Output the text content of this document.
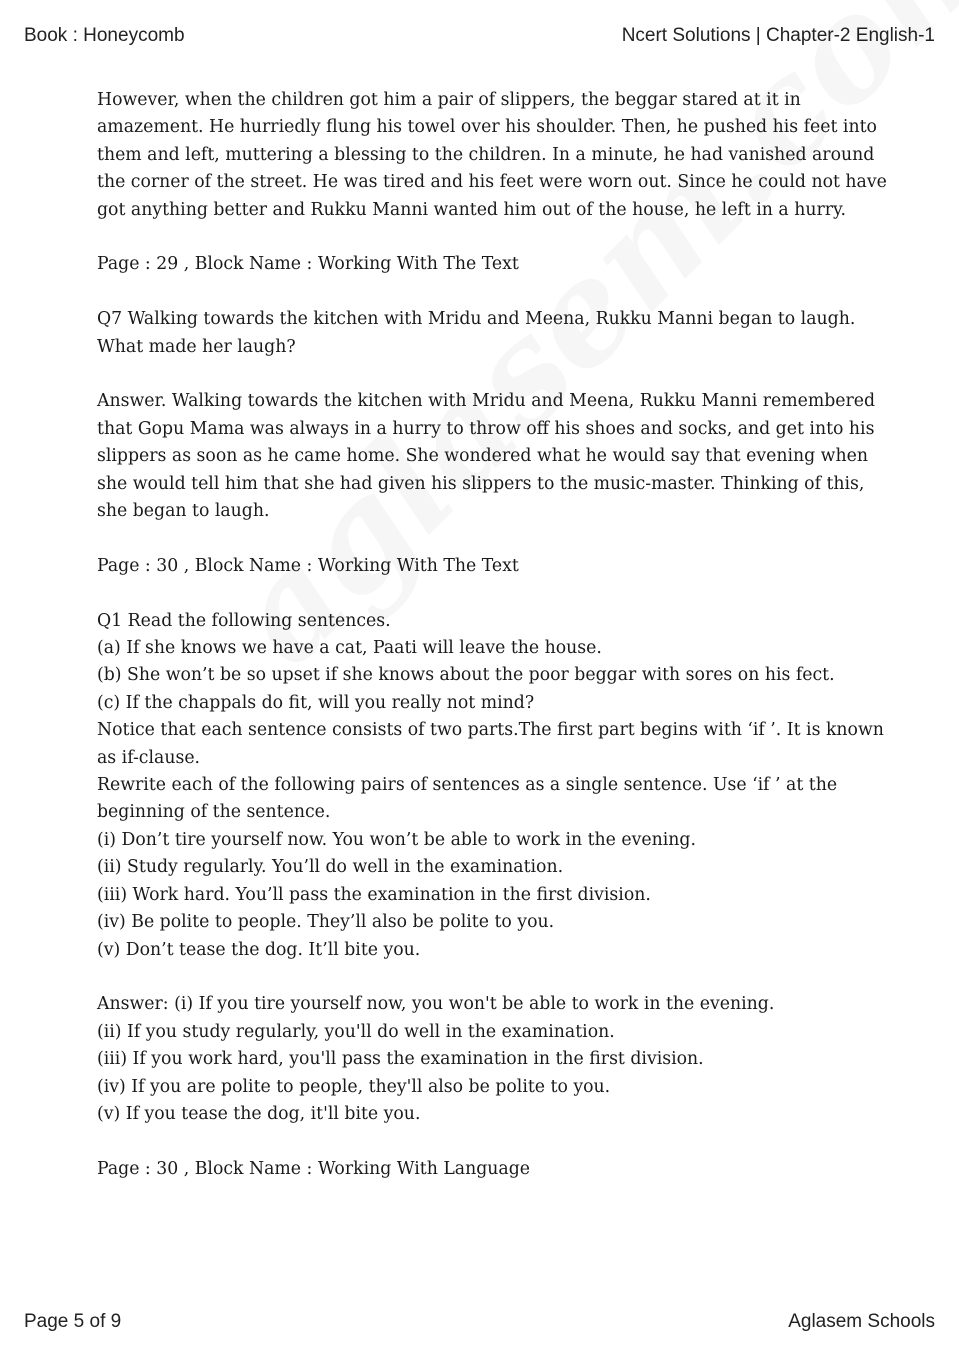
Book : Honeycomb	Ncert Solutions | Chapter-2 English-1
However, when the children got him a pair of slippers, the beggar stared at it in
amazement. He hurriedly flung his towel over his shoulder. Then, he pushed his feet into
them and left, muttering a blessing to the children. In a minute, he had vanished around
the corner of the street. He was tired and his feet were worn out. Since he could not have
got anything better and Rukku Manni wanted him out of the house, he left in a hurry.
Page : 29 , Block Name : Working With The Text
Q7 Walking towards the kitchen with Mridu and Meena, Rukku Manni began to laugh.
What made her laugh?
Answer. Walking towards the kitchen with Mridu and Meena, Rukku Manni remembered
that Gopu Mama was always in a hurry to throw off his shoes and socks, and get into his
slippers as soon as he came home. She wondered what he would say that evening when
she would tell him that she had given his slippers to the music-master. Thinking of this,
she began to laugh.
Page : 30 , Block Name : Working With The Text
Q1 Read the following sentences.
(a) If she knows we have a cat, Paati will leave the house.
(b) She won’t be so upset if she knows about the poor beggar with sores on his fect.
(c) If the chappals do fit, will you really not mind?
Notice that each sentence consists of two parts.The first part begins with ‘if ’. It is known
as if-clause.
Rewrite each of the following pairs of sentences as a single sentence. Use ‘if ’ at the
beginning of the sentence.
(i) Don’t tire yourself now. You won’t be able to work in the evening.
(ii) Study regularly. You’ll do well in the examination.
(iii) Work hard. You’ll pass the examination in the first division.
(iv) Be polite to people. They’ll also be polite to you.
(v) Don’t tease the dog. It’ll bite you.
Answer: (i) If you tire yourself now, you won't be able to work in the evening.
(ii) If you study regularly, you'll do well in the examination.
(iii) If you work hard, you'll pass the examination in the first division.
(iv) If you are polite to people, they'll also be polite to you.
(v) If you tease the dog, it'll bite you.
Page : 30 , Block Name : Working With Language
Page 5 of 9	Aglasem Schools
